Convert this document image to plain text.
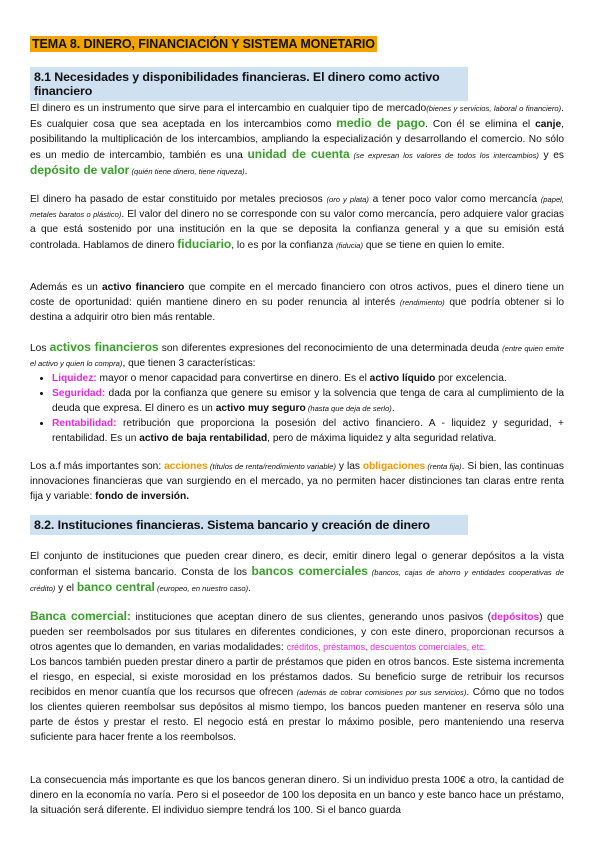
TEMA 8. DINERO, FINANCIACIÓN Y SISTEMA MONETARIO
8.1 Necesidades y disponibilidades financieras. El dinero como activo financiero
El dinero es un instrumento que sirve para el intercambio en cualquier tipo de mercado(bienes y servicios, laboral o financiero). Es cualquier cosa que sea aceptada en los intercambios como medio de pago. Con él se elimina el canje, posibilitando la multiplicación de los intercambios, ampliando la especialización y desarrollando el comercio. No sólo es un medio de intercambio, también es una unidad de cuenta (se expresan los valores de todos los intercambios) y es depósito de valor (quién tiene dinero, tiene riqueza).
El dinero ha pasado de estar constituido por metales preciosos (oro y plata) a tener poco valor como mercancía (papel, metales baratos o plástico). El valor del dinero no se corresponde con su valor como mercancía, pero adquiere valor gracias a que está sostenido por una institución en la que se deposita la confianza general y a que su emisión está controlada. Hablamos de dinero fiduciario, lo es por la confianza (fiducia) que se tiene en quien lo emite.
Además es un activo financiero que compite en el mercado financiero con otros activos, pues el dinero tiene un coste de oportunidad: quién mantiene dinero en su poder renuncia al interés (rendimiento) que podría obtener si lo destina a adquirir otro bien más rentable.
Los activos financieros son diferentes expresiones del reconocimiento de una determinada deuda (entre quien emite el activo y quien lo compra), que tienen 3 características:
• Liquidez: mayor o menor capacidad para convertirse en dinero. Es el activo líquido por excelencia.
• Seguridad: dada por la confianza que genere su emisor y la solvencia que tenga de cara al cumplimiento de la deuda que expresa. El dinero es un activo muy seguro (hasta que deja de serlo).
• Rentabilidad: retribución que proporciona la posesión del activo financiero. A - liquidez y seguridad, + rentabilidad. Es un activo de baja rentabilidad, pero de máxima liquidez y alta seguridad relativa.
Los a.f más importantes son: acciones (títulos de renta/rendimiento variable) y las obligaciones (renta fija). Si bien, las continuas innovaciones financieras que van surgiendo en el mercado, ya no permiten hacer distinciones tan claras entre renta fija y variable: fondo de inversión.
8.2. Instituciones financieras. Sistema bancario y creación de dinero
El conjunto de instituciones que pueden crear dinero, es decir, emitir dinero legal o generar depósitos a la vista conforman el sistema bancario. Consta de los bancos comerciales (bancos, cajas de ahorro y entidades cooperativas de crédito) y el banco central (europeo, en nuestro caso).
Banca comercial: instituciones que aceptan dinero de sus clientes, generando unos pasivos (depósitos) que pueden ser reembolsados por sus titulares en diferentes condiciones, y con este dinero, proporcionan recursos a otros agentes que lo demanden, en varias modalidades: créditos, préstamos, descuentos comerciales, etc.
Los bancos también pueden prestar dinero a partir de préstamos que piden en otros bancos. Este sistema incrementa el riesgo, en especial, si existe morosidad en los préstamos dados. Su beneficio surge de retribuir los recursos recibidos en menor cuantía que los recursos que ofrecen (además de cobrar comisiones por sus servicios). Cómo que no todos los clientes quieren reembolsar sus depósitos al mismo tiempo, los bancos pueden mantener en reserva sólo una parte de éstos y prestar el resto. El negocio está en prestar lo máximo posible, pero manteniendo una reserva suficiente para hacer frente a los reembolsos.
La consecuencia más importante es que los bancos generan dinero. Si un individuo presta 100€ a otro, la cantidad de dinero en la economía no varía. Pero si el poseedor de 100 los deposita en un banco y este banco hace un préstamo, la situación será diferente. El individuo siempre tendrá los 100. Si el banco guarda
